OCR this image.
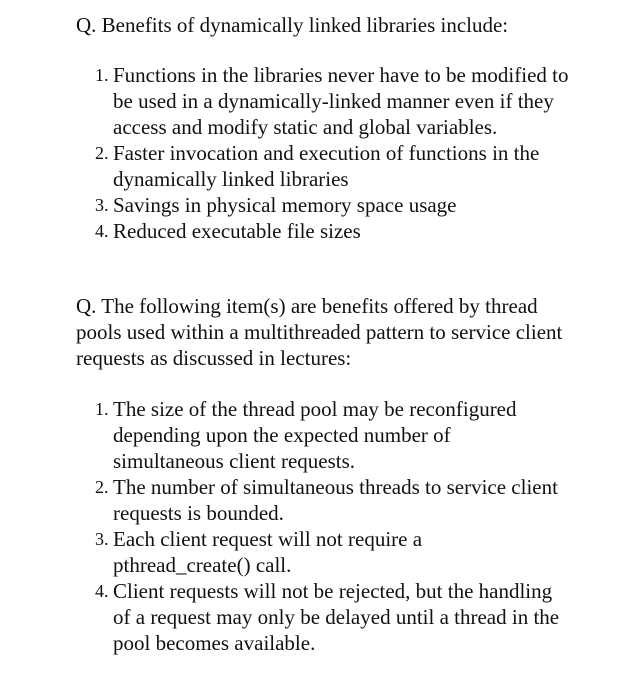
Q. Benefits of dynamically linked libraries include:

1. Functions in the libraries never have to be modified to be used in a dynamically-linked manner even if they access and modify static and global variables.
2. Faster invocation and execution of functions in the dynamically linked libraries
3. Savings in physical memory space usage
4. Reduced executable file sizes

Q. The following item(s) are benefits offered by thread pools used within a multithreaded pattern to service client requests as discussed in lectures:

1. The size of the thread pool may be reconfigured depending upon the expected number of simultaneous client requests.
2. The number of simultaneous threads to service client requests is bounded.
3. Each client request will not require a pthread_create() call.
4. Client requests will not be rejected, but the handling of a request may only be delayed until a thread in the pool becomes available.
